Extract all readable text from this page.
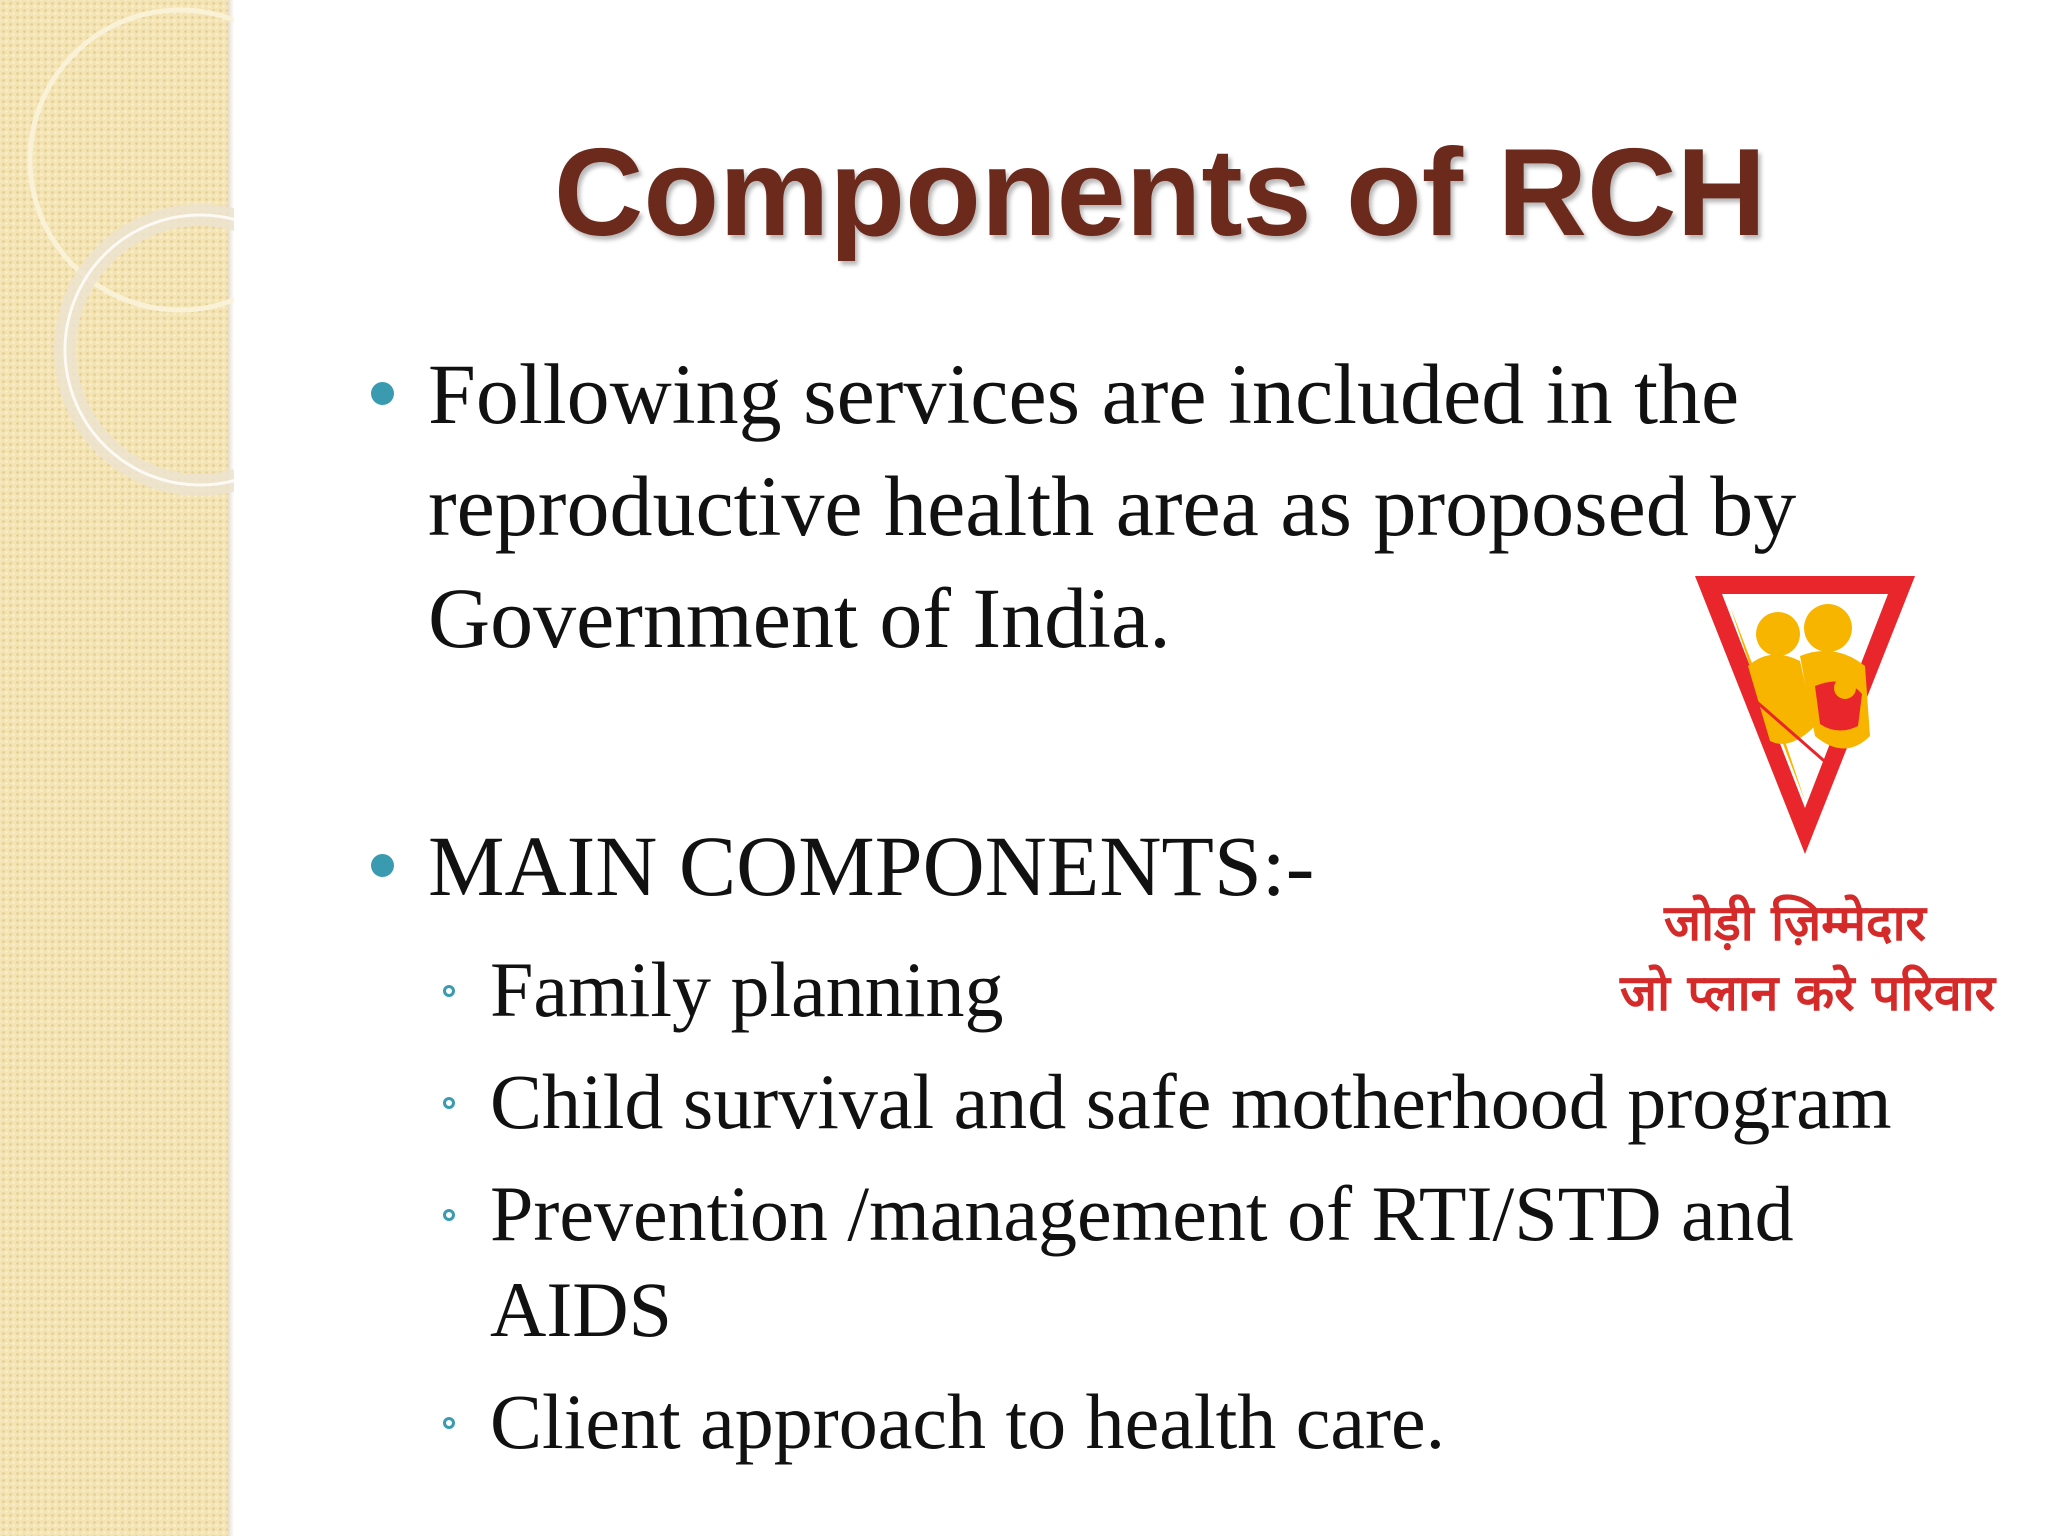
Components of RCH
Following services are included in the reproductive health area as proposed by Government of India.
MAIN COMPONENTS:-
Family planning
Child survival and safe motherhood program
Prevention /management of RTI/STD and AIDS
Client approach to health care.
जोड़ी ज़िम्मेदार
जो प्लान करे परिवार
